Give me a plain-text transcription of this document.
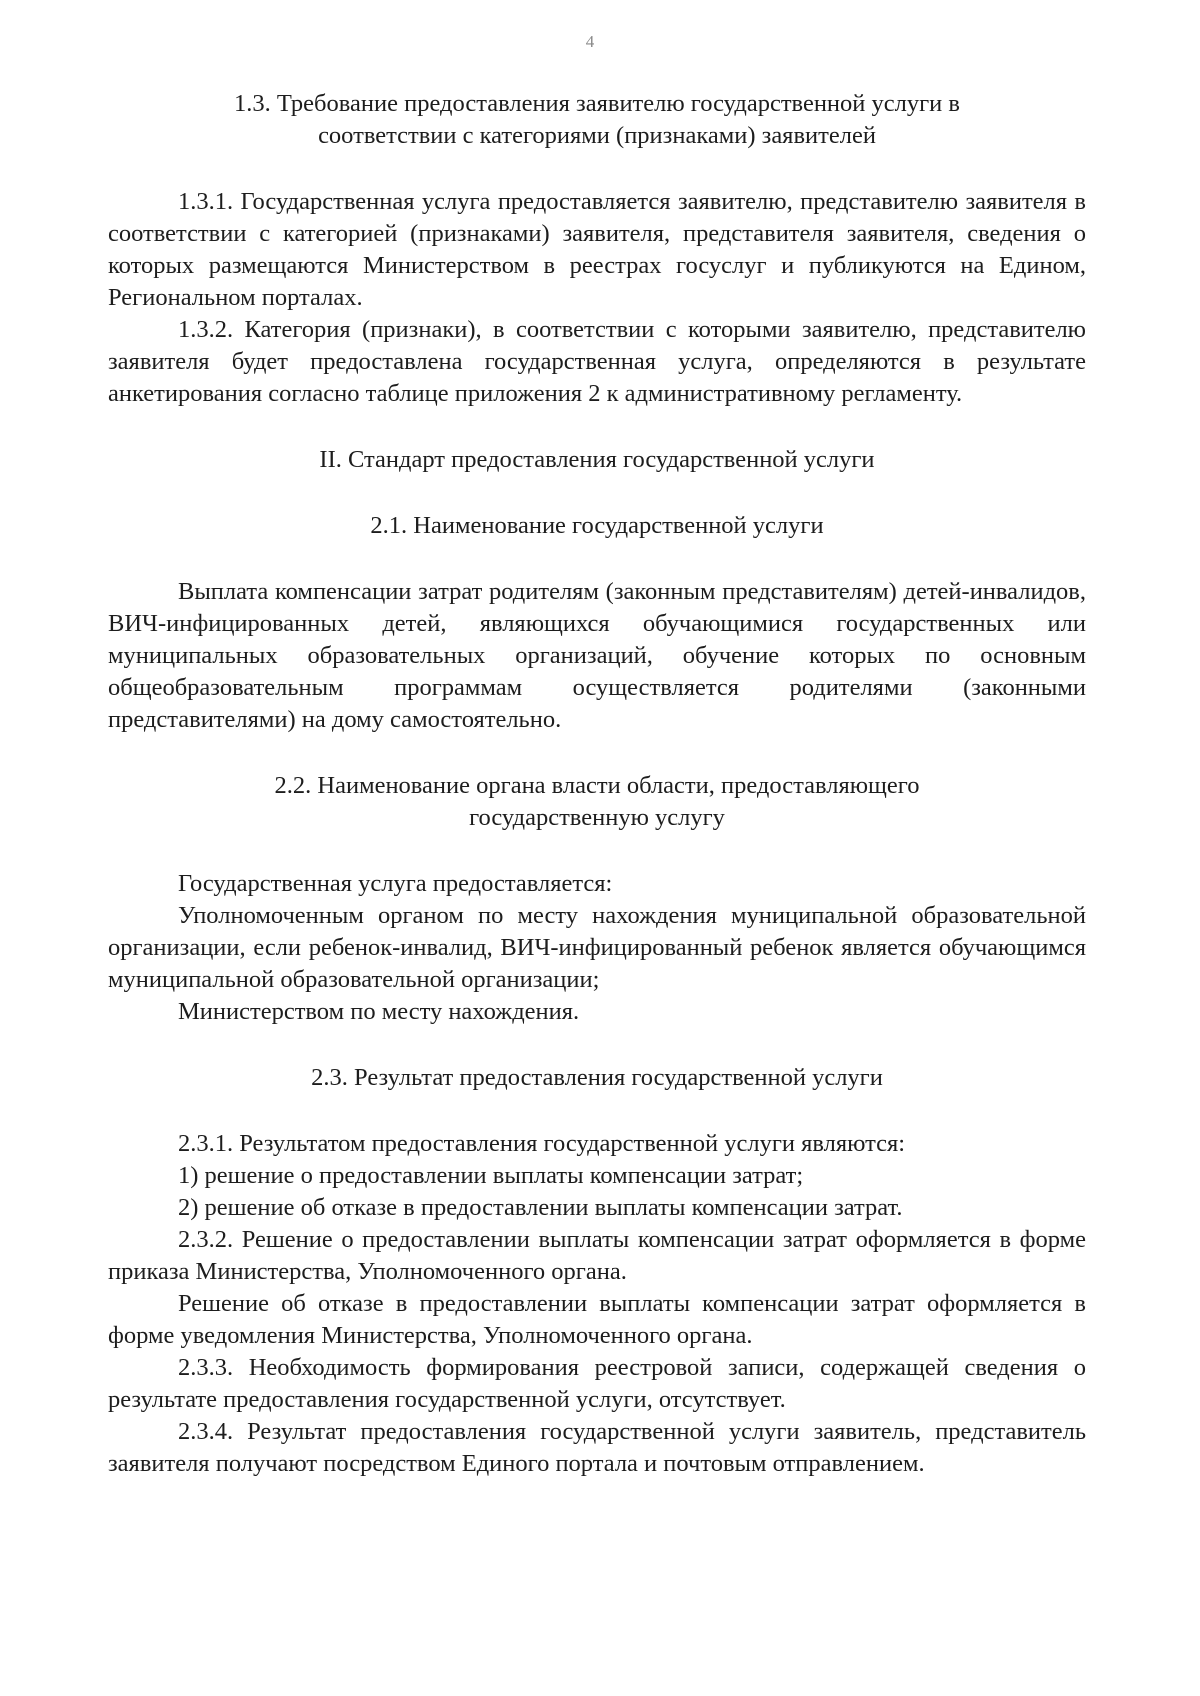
4
1.3. Требование предоставления заявителю государственной услуги в
соответствии с категориями (признаками) заявителей

1.3.1. Государственная услуга предоставляется заявителю, представителю заявителя в соответствии с категорией (признаками) заявителя, представителя заявителя, сведения о которых размещаются Министерством в реестрах госуслуг и публикуются на Едином, Региональном порталах.

1.3.2. Категория (признаки), в соответствии с которыми заявителю, представителю заявителя будет предоставлена государственная услуга, определяются в результате анкетирования согласно таблице приложения 2 к административному регламенту.

II. Стандарт предоставления государственной услуги
2.1. Наименование государственной услуги

Выплата компенсации затрат родителям (законным представителям) детей-инвалидов, ВИЧ-инфицированных детей, являющихся обучающимися государственных или муниципальных образовательных организаций, обучение которых по основным общеобразовательным программам осуществляется родителями (законными представителями) на дому самостоятельно.

2.2. Наименование органа власти области, предоставляющего
государственную услугу

Государственная услуга предоставляется:

Уполномоченным органом по месту нахождения муниципальной образовательной организации, если ребенок-инвалид, ВИЧ-инфицированный ребенок является обучающимся муниципальной образовательной организации;

Министерством по месту нахождения.

2.3. Результат предоставления государственной услуги

2.3.1. Результатом предоставления государственной услуги являются:

1) решение о предоставлении выплаты компенсации затрат;

2) решение об отказе в предоставлении выплаты компенсации затрат.

2.3.2. Решение о предоставлении выплаты компенсации затрат оформляется в форме приказа Министерства, Уполномоченного органа.

Решение об отказе в предоставлении выплаты компенсации затрат оформляется в форме уведомления Министерства, Уполномоченного органа.

2.3.3. Необходимость формирования реестровой записи, содержащей сведения о результате предоставления государственной услуги, отсутствует.

2.3.4. Результат предоставления государственной услуги заявитель, представитель заявителя получают посредством Единого портала и почтовым отправлением.
